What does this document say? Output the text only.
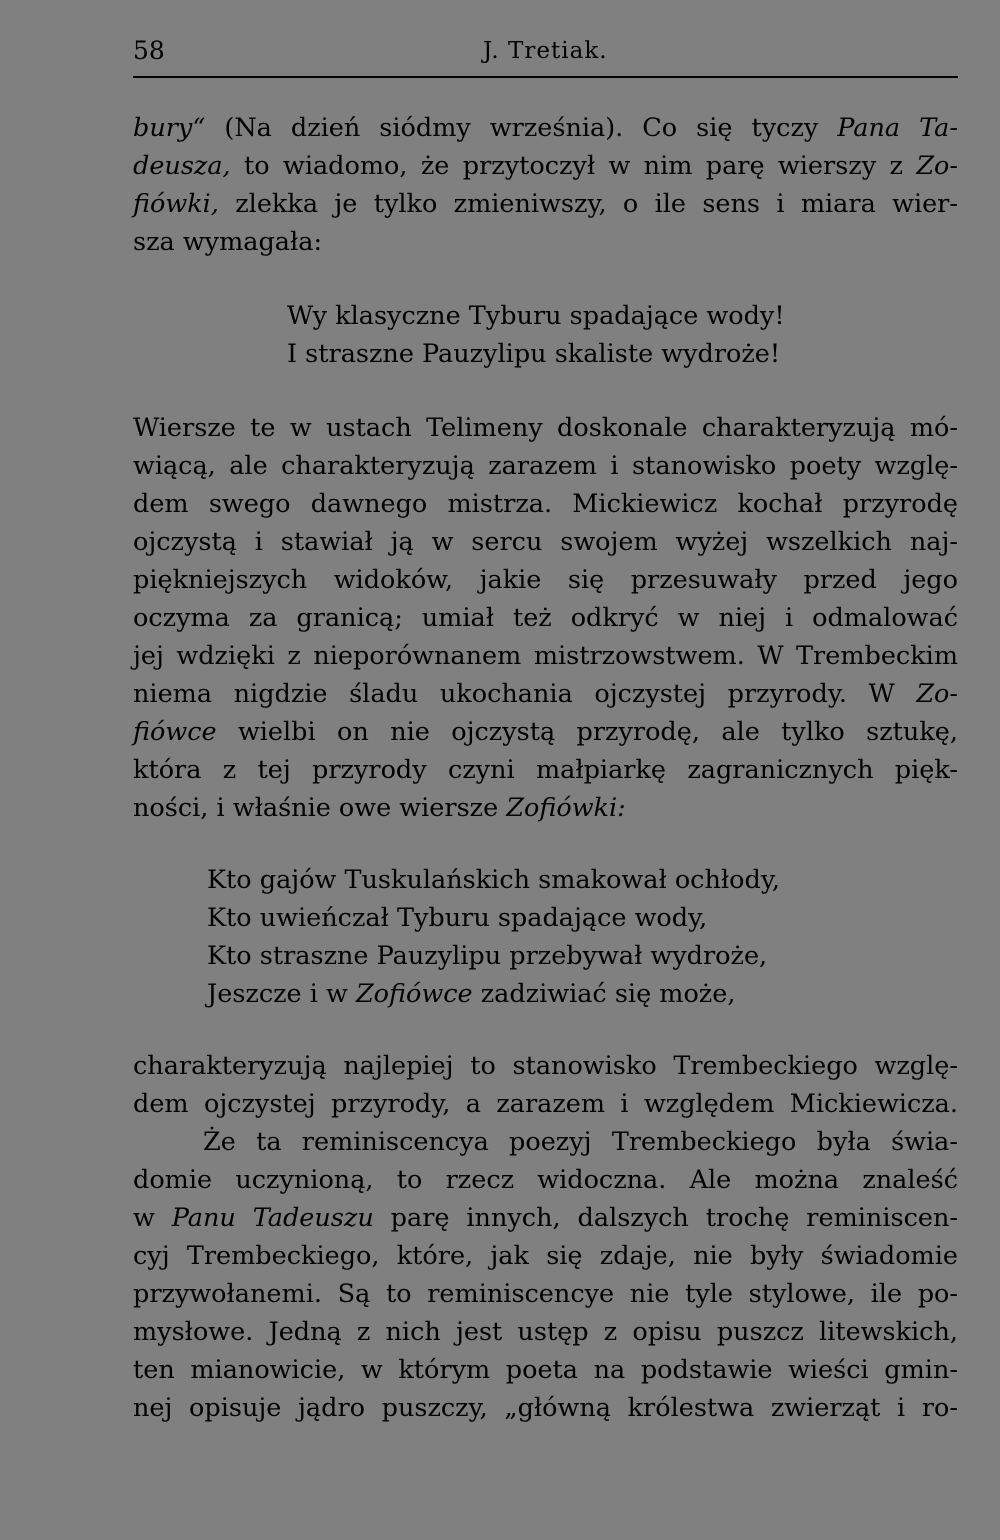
58	J. Tretiak.
bury“ (Na dzień siódmy września). Co się tyczy Pana Ta-
deusza, to wiadomo, że przytoczył w nim parę wierszy z Zo-
fiówki, zlekka je tylko zmieniwszy, o ile sens i miara wier-
sza wymagała:
Wy klasyczne Tyburu spadające wody!
I straszne Pauzylipu skaliste wydroże!
Wiersze te w ustach Telimeny doskonale charakteryzują mó-
wiącą, ale charakteryzują zarazem i stanowisko poety wzglę-
dem swego dawnego mistrza. Mickiewicz kochał przyrodę
ojczystą i stawiał ją w sercu swojem wyżej wszelkich naj-
piękniejszych widoków, jakie się przesuwały przed jego
oczyma za granicą; umiał też odkryć w niej i odmalować
jej wdzięki z nieporównanem mistrzowstwem. W Trembeckim
niema nigdzie śladu ukochania ojczystej przyrody. W Zo-
fiówce wielbi on nie ojczystą przyrodę, ale tylko sztukę,
która z tej przyrody czyni małpiarkę zagranicznych pięk-
ności, i właśnie owe wiersze Zofiówki:
Kto gajów Tuskulańskich smakował ochłody,
Kto uwieńczał Tyburu spadające wody,
Kto straszne Pauzylipu przebywał wydroże,
Jeszcze i w Zofiówce zadziwiać się może,
charakteryzują najlepiej to stanowisko Trembeckiego wzglę-
dem ojczystej przyrody, a zarazem i względem Mickiewicza.
Że ta reminiscencya poezyj Trembeckiego była świa-
domie uczynioną, to rzecz widoczna. Ale można znaleść
w Panu Tadeuszu parę innych, dalszych trochę reminiscen-
cyj Trembeckiego, które, jak się zdaje, nie były świadomie
przywołanemi. Są to reminiscencye nie tyle stylowe, ile po-
mysłowe. Jedną z nich jest ustęp z opisu puszcz litewskich,
ten mianowicie, w którym poeta na podstawie wieści gmin-
nej opisuje jądro puszczy, „główną królestwa zwierząt i ro-
